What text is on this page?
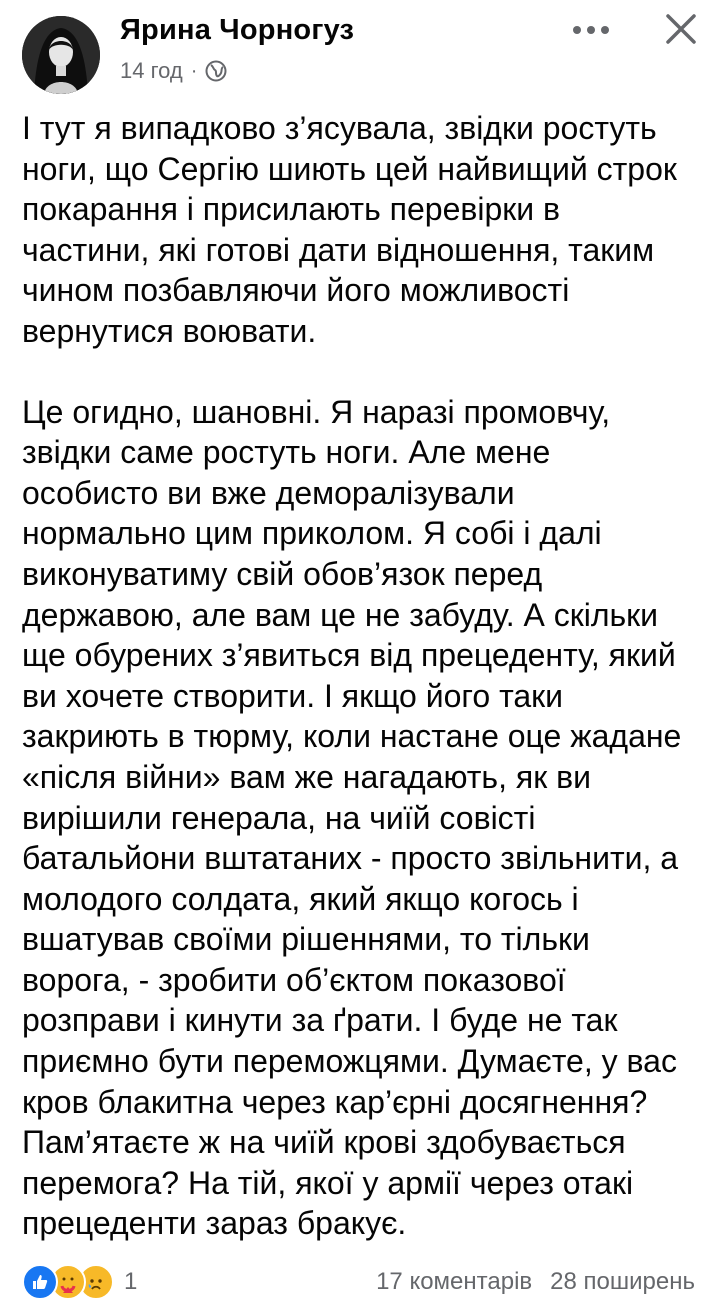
Ярина Чорногуз
14 год ·

І тут я випадково з’ясувала, звідки ростуть
ноги, що Сергію шиють цей найвищий строк
покарання і присилають перевірки в
частини, які готові дати відношення, таким
чином позбавляючи його можливості
вернутися воювати.

Це огидно, шановні. Я наразі промовчу,
звідки саме ростуть ноги. Але мене
особисто ви вже деморалізували
нормально цим приколом. Я собі і далі
виконуватиму свій обов’язок перед
державою, але вам це не забуду. А скільки
ще обурених з’явиться від прецеденту, який
ви хочете створити. І якщо його таки
закриють в тюрму, коли настане оце жадане
«після війни» вам же нагадають, як ви
вирішили генерала, на чиїй совісті
батальйони вштатаних - просто звільнити, а
молодого солдата, який якщо когось і
вшатував своїми рішеннями, то тільки
ворога, - зробити об’єктом показової
розправи і кинути за ґрати. І буде не так
приємно бути переможцями. Думаєте, у вас
кров блакитна через кар’єрні досягнення?
Пам’ятаєте ж на чиїй крові здобувається
перемога? На тій, якої у армії через отакі
прецеденти зараз бракує.

1	17 коментарів 28 поширень
